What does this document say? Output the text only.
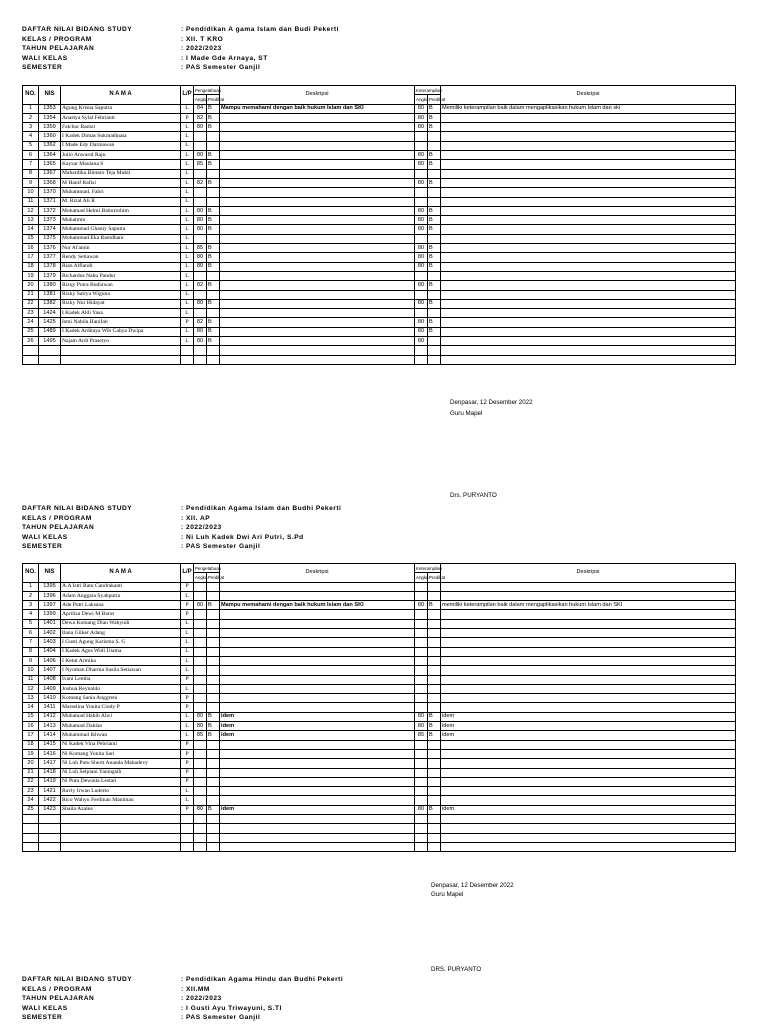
DAFTAR NILAI BIDANG STUDY	: Pendidikan A gama Islam dan Budi Pekerti
KELAS / PROGRAM	: XII. T KRO
TAHUN PELAJARAN	: 2022/2023
WALI KELAS	: I Made Gde Arnaya, ST
SEMESTER	: PAS Semester Ganjil
NO.	NIS	N A M A	L/P	Pengetahuan		Deskripsi	Keterampilan		Deskripsi
				Angka	Predikat		Angka	Predikat	
1	1353	Agung Krisna Saputra	L	84	B	Mampu memahami dengan baik hukum Islam dan SKI	80	B	Memiliki keterampilan baik dalam mengaplikasikan hukum Islam dan ski
2	1354	Anastya Sylal Febrianti	P	82	B		80	B	
3	1359	Fatchur Ramzi	L	80	B		80	B	
4	1360	I Kadek Dimas Sukmadinata	L						
5	1362	I Made Edy Darmawan	L						
6	1364	Julio Anwarul Raju	L	80	B		80	B	
7	1365	Kaysar Maulana S	L	85	B		80	B	
8	1367	Mahardika Bintaro Teja Mukti	L						
9	1368	M Hanif Rafisi	L	82	B		80	B	
10	1370	Muhammad. Fahri	L						
11	1371	M. Rizal Ali R	L						
12	1372	Mohamad Helmi Baiturrohim	L	80	B		80	B	
13	1373	Muhaimin	L	80	B		80	B	
14	1374	Muhammad Ghaniy Saputra	L	80	B		80	B	
15	1375	Mohammad Eka Ramdhani	L						
16	1376	Nur Al'amin	L	85	B		80	B	
17	1377	Rendy Setiawan	L	80	B		80	B	
18	1378	Rian Alfiandi	L	80	B		80	B	
19	1379	Richardus Nahu Pandur	L						
20	1380	Rizqy Putra Budiawan	L	82	B		80	B	
21	1381	Rizky Satrya Wiguna	L						
22	1382	Rizky Nur Hidayat	L	80	B		80	B	
23	1424	I Kadek Aldi Yasa	L						
24	1425	Ismi Nabila Hanifah	P	82	B		80	B	
25	1489	I Kadek Arditaya Wib Cahya Dwipa	L	80	B		80	B	
26	1495	Najam Ardi Prasetyo	L	80	B		80		

Denpasar, 12 Desember 2022
Guru Mapel
Drs. PURYANTO
DAFTAR NILAI BIDANG STUDY	: Pendidikan Agama Islam dan Budhi Pekerti
KELAS / PROGRAM	: XII. AP
TAHUN PELAJARAN	: 2022/2023
WALI KELAS	: Ni Luh Kadek Dwi Ari Putri, S.Pd
SEMESTER	: PAS Semester Ganjil
NO.	NIS	N A M A	L/P	Pengetahuan		Deskripsi	Keterampilan		Deskripsi
				Angka	Predikat		Angka	Predikat	
1	1395	A.A Istri Ratu Candrakanti	P						
2	1396	Adam Anggara Syahputra	L						
3	1397	Ade Putri Laksana	P	80	B	Mampu memahami dengan baik hukum Islam dan SKI	80	B	memiliki keterampilan baik dalam mengaplikasikan hukum Islam dan SKI
4	1399	Apriliza Dewi M Barut	P						
5	1401	Dewa Komang Dian Wahyudi	L						
6	1402	Ilana Gilker Adang	L						
7	1403	I Gusti Agung Karisma S. G	L						
8	1404	I Kadek Agus Widi Utama	L						
9	1406	I Ketut Armika	L						
10	1407	I Nyoman Dharma Susila Setiawan	L						
11	1408	Ivani Lemba	P						
12	1409	Joshua Reynaldo	L						
13	1410	Komang Sania Anggreni	P						
14	1411	Marselina Yunita Cindy P	P						
15	1412	Muhamad Habib Alwi	L	80	B	idem	80	B	idem
16	1413	Muhamad Dahlan	L	80	B	idem	80	B	idem
17	1414	Muhammad Ikhwan	L	85	B	idem	85	B	idem
18	1415	Ni Kadek Vina Pebrianti	P						
19	1416	Ni Komang Yunita Sari	P						
20	1417	Ni Luh Putu Sherit Ananda Mahadevy	P						
21	1418	Ni Luh Selpiani Yaningsih	P						
22	1419	Ni Putu Dewinta Lestari	P						
23	1421	Ravly Irwan Luderto	L						
24	1422	Rico Wahyu Ferdinan Manimau	L						
25	1423	Shaila Azalea	P	80	B	idem	80	B	idem

Denpasar, 12 Desember 2022
Guru Mapel
DRS. PURYANTO
DAFTAR NILAI BIDANG STUDY	: Pendidikan Agama Hindu dan Budhi Pekerti
KELAS / PROGRAM	: XII.MM
TAHUN PELAJARAN	: 2022/2023
WALI KELAS	: I Gusti Ayu Triwayuni, S.TI
SEMESTER	: PAS Semester Ganjil
